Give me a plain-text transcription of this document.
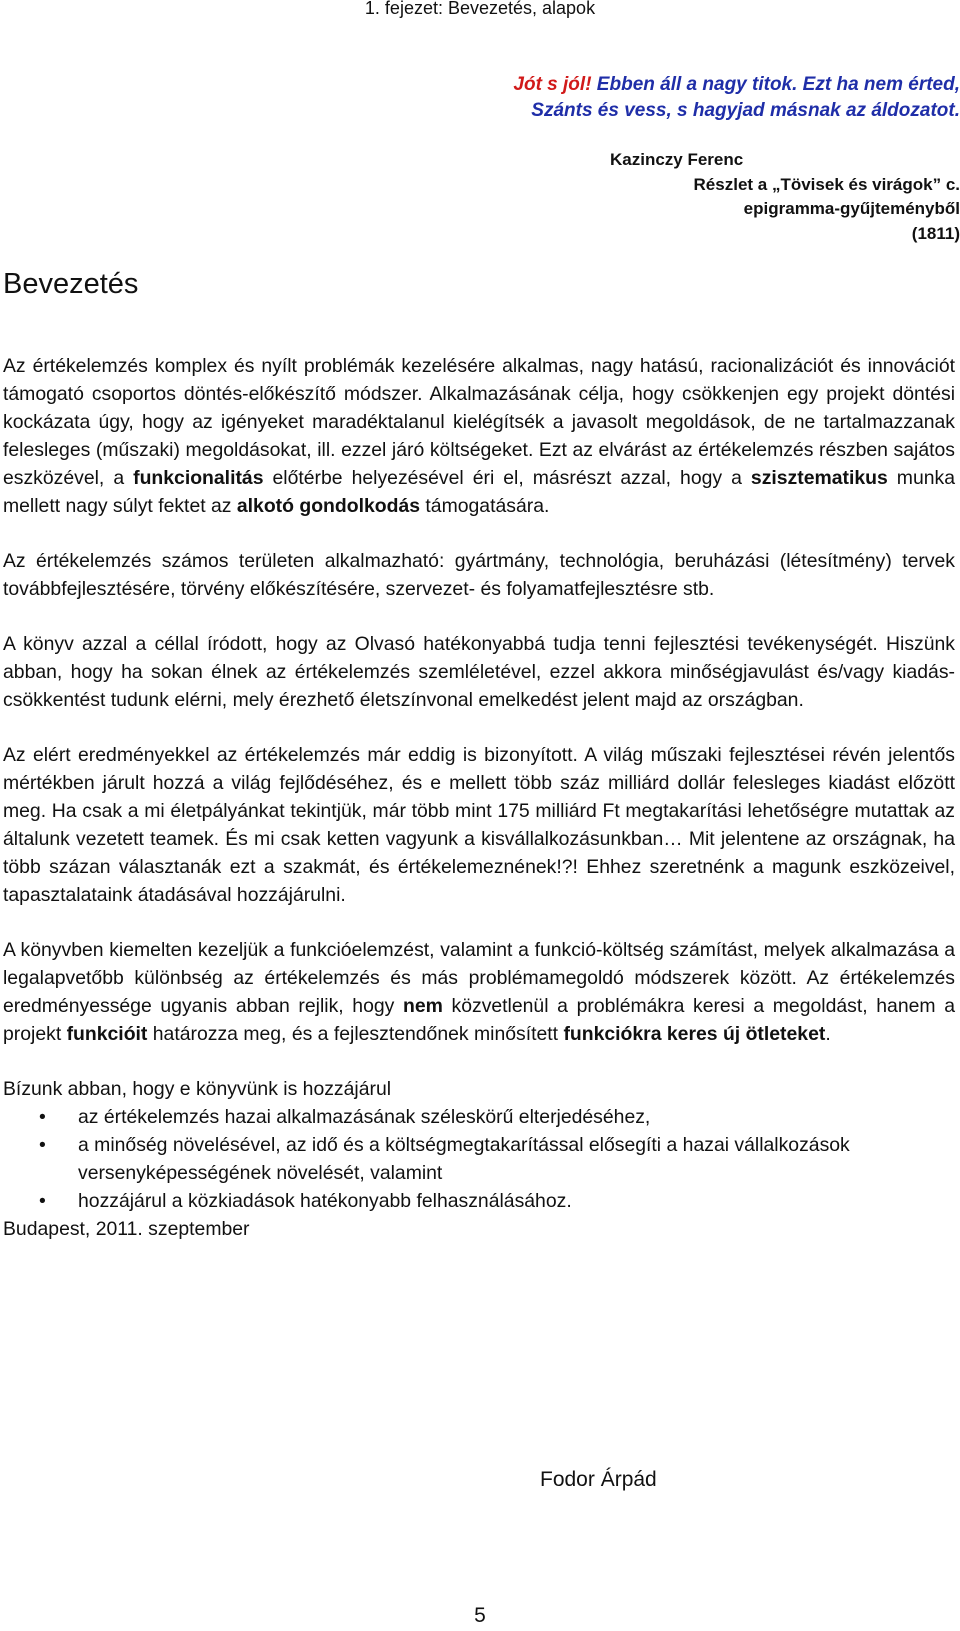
1. fejezet: Bevezetés, alapok
Jót s jól! Ebben áll a nagy titok. Ezt ha nem érted,
Szánts és vess, s hagyjad másnak az áldozatot.
Kazinczy Ferenc
Részlet a „Tövisek és virágok” c.
epigramma-gyűjteményből
(1811)
Bevezetés

Az értékelemzés komplex és nyílt problémák kezelésére alkalmas, nagy hatású, racionalizációt és innovációt támogató csoportos döntés-előkészítő módszer. Alkalmazásának célja, hogy csökkenjen egy projekt döntési kockázata úgy, hogy az igényeket maradéktalanul kielégítsék a javasolt megoldások, de ne tartalmazzanak felesleges (műszaki) megoldásokat, ill. ezzel járó költségeket. Ezt az elvárást az értékelemzés részben sajátos eszközével, a funkcionalitás előtérbe helyezésével éri el, másrészt azzal, hogy a szisztematikus munka mellett nagy súlyt fektet az alkotó gondolkodás támogatására.

Az értékelemzés számos területen alkalmazható: gyártmány, technológia, beruházási (létesítmény) tervek továbbfejlesztésére, törvény előkészítésére, szervezet- és folyamatfejlesztésre stb.

A könyv azzal a céllal íródott, hogy az Olvasó hatékonyabbá tudja tenni fejlesztési tevékenységét. Hiszünk abban, hogy ha sokan élnek az értékelemzés szemléletével, ezzel akkora minőségjavulást és/vagy kiadás-csökkentést tudunk elérni, mely érezhető életszínvonal emelkedést jelent majd az országban.

Az elért eredményekkel az értékelemzés már eddig is bizonyított. A világ műszaki fejlesztései révén jelentős mértékben járult hozzá a világ fejlődéséhez, és e mellett több száz milliárd dollár felesleges kiadást előzött meg. Ha csak a mi életpályánkat tekintjük, már több mint 175 milliárd Ft megtakarítási lehetőségre mutattak az általunk vezetett teamek. És mi csak ketten vagyunk a kisvállalkozásunkban… Mit jelentene az országnak, ha több százan választanák ezt a szakmát, és értékelemeznének!?! Ehhez szeretnénk a magunk eszközeivel, tapasztalataink átadásával hozzájárulni.

A könyvben kiemelten kezeljük a funkcióelemzést, valamint a funkció-költség számítást, melyek alkalmazása a legalapvetőbb különbség az értékelemzés és más problémamegoldó módszerek között. Az értékelemzés eredményessége ugyanis abban rejlik, hogy nem közvetlenül a problémákra keresi a megoldást, hanem a projekt funkcióit határozza meg, és a fejlesztendőnek minősített funkciókra keres új ötleteket.

Bízunk abban, hogy e könyvünk is hozzájárul

• az értékelemzés hazai alkalmazásának széleskörű elterjedéséhez,
• a minőség növelésével, az idő és a költségmegtakarítással elősegíti a hazai vállalkozások versenyképességének növelését, valamint
• hozzájárul a közkiadások hatékonyabb felhasználásához.

Budapest, 2011. szeptember

Fodor Árpád
5
